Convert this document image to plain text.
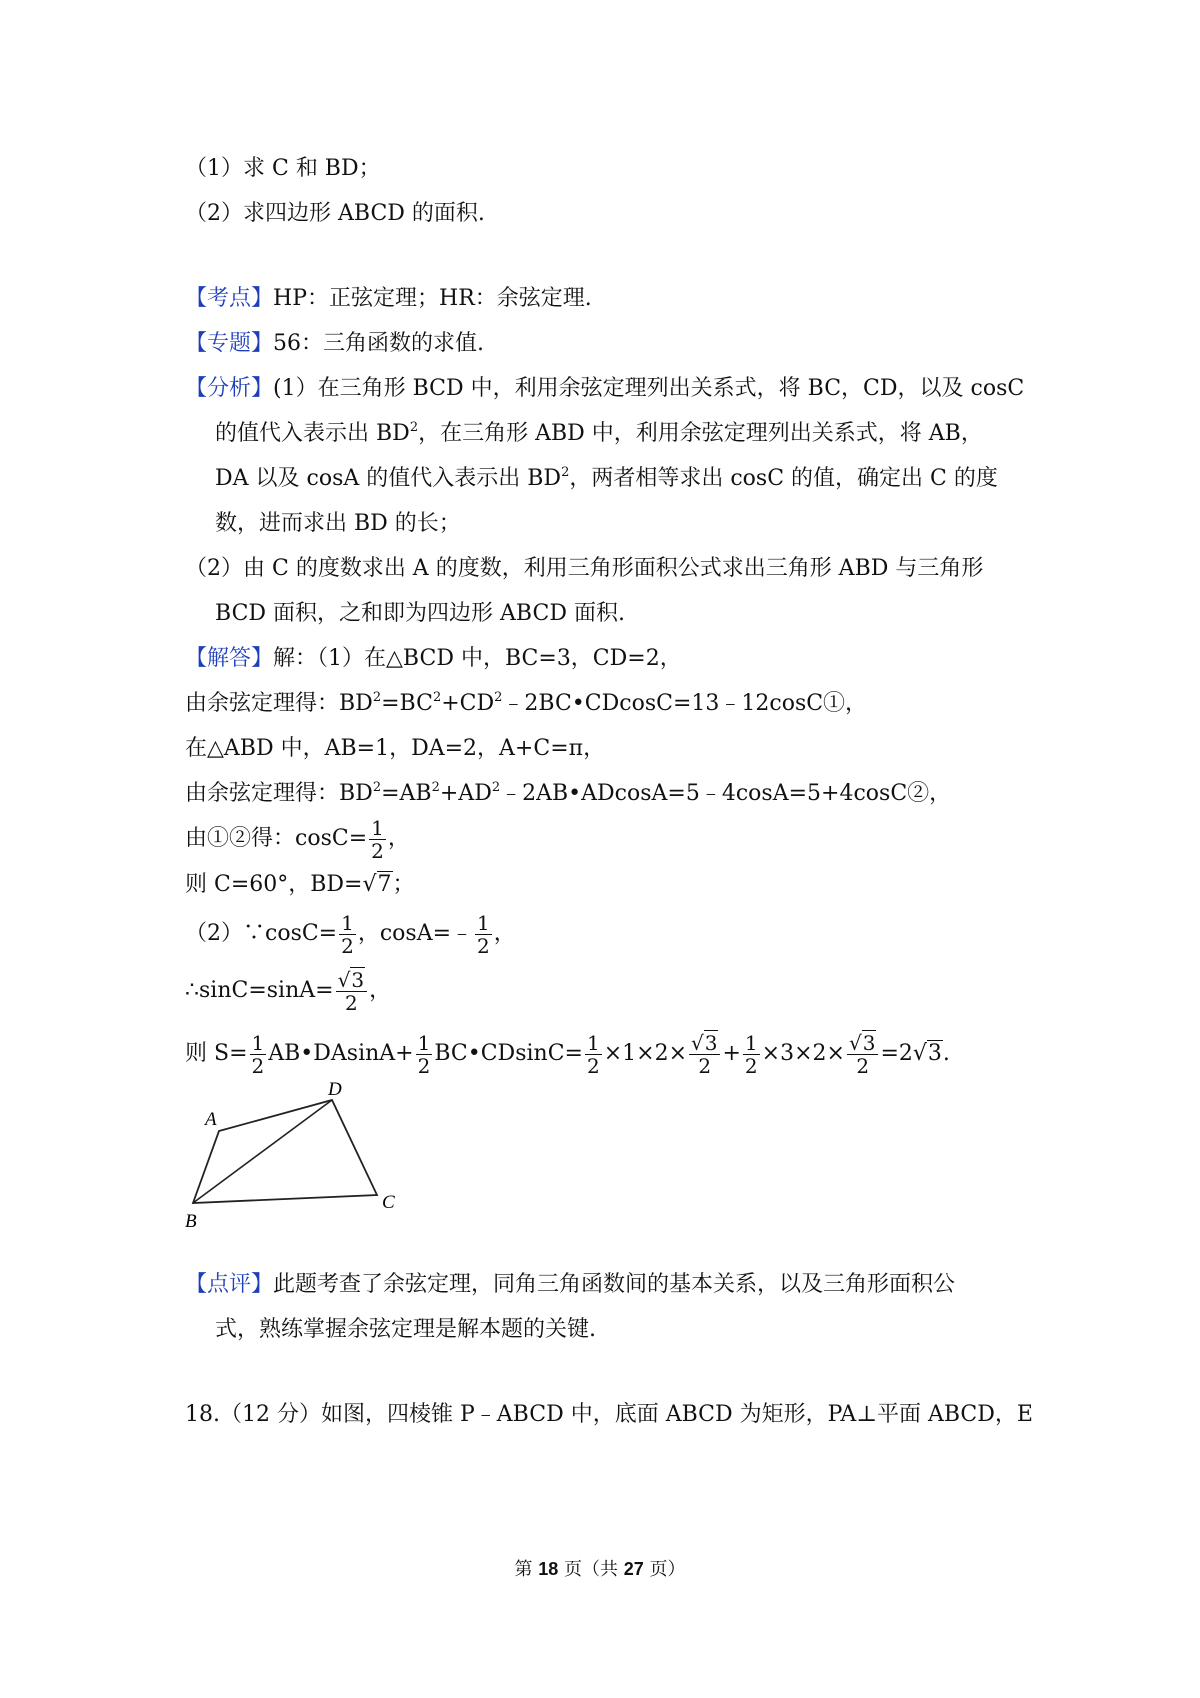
（1）求 C 和 BD；
（2）求四边形 ABCD 的面积.
【考点】HP：正弦定理；HR：余弦定理.
【专题】56：三角函数的求值.
【分析】(1）在三角形 BCD 中，利用余弦定理列出关系式，将 BC，CD，以及 cosC
的值代入表示出 $BD^2$，在三角形 ABD 中，利用余弦定理列出关系式，将 AB，
DA 以及 cosA 的值代入表示出 $BD^2$，两者相等求出 cosC 的值，确定出 C 的度
数，进而求出 BD 的长；
（2）由 C 的度数求出 A 的度数，利用三角形面积公式求出三角形 ABD 与三角形
BCD 面积，之和即为四边形 ABCD 面积.
【解答】解：（1）在△BCD 中，BC=3，CD=2，
由余弦定理得：$BD^2=BC^2+CD^2﹣2BC•CDcosC=13﹣12\cos C①$，
在△ABD 中，AB=1，DA=2，A+C=π，
由余弦定理得：$BD^2=AB^2+AD^2﹣2AB•ADcosA=5﹣4\cos A=5+4\cos C②$，
由①②得：$\cos C= \frac{1}{2}$ ，
则 C=60°，BD=√7；
（2）∵cosC= $\frac{1}{2}$ ，cosA=﹣ $\frac{1}{2}$ ，
∴sinC=sinA= $\frac{√3}{2}$ ，
则 $S= \frac{1}{2}$ AB•DAsinA+ $\frac{1}{2}$ BC•CDsinC= $\frac{1}{2} \times 1\times 2\times \frac{√3}{2} + \frac{1}{2} \times 3\times 2\times \frac{√3}{2} =2√3$.
A
B
C
D
【点评】此题考查了余弦定理，同角三角函数间的基本关系，以及三角形面积公
式，熟练掌握余弦定理是解本题的关键.
18.（12 分）如图，四棱锥 P﹣ABCD 中，底面 ABCD 为矩形，PA⊥平面 ABCD，E
第 18 页（共 27 页）
